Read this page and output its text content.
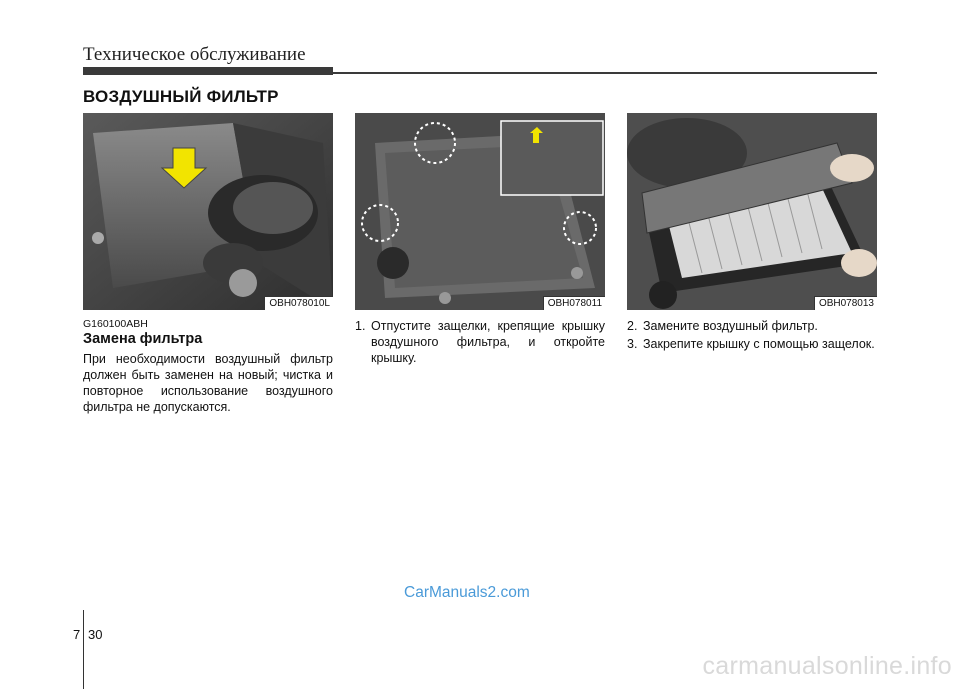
Техническое обслуживание
ВОЗДУШНЫЙ ФИЛЬТР
OBH078010L	OBH078011	OBH078013
G160100ABH
Замена фильтра
При необходимости воздушный фильтр должен быть заменен на новый; чистка и повторное использование воздушного фильтра не допускаются.
1. Отпустите защелки, крепящие крышку воздушного фильтра, и откройте крышку.
2. Замените воздушный фильтр.
3. Закрепите крышку с помощью защелок.
CarManuals2.com
7 30
carmanualsonline.info
